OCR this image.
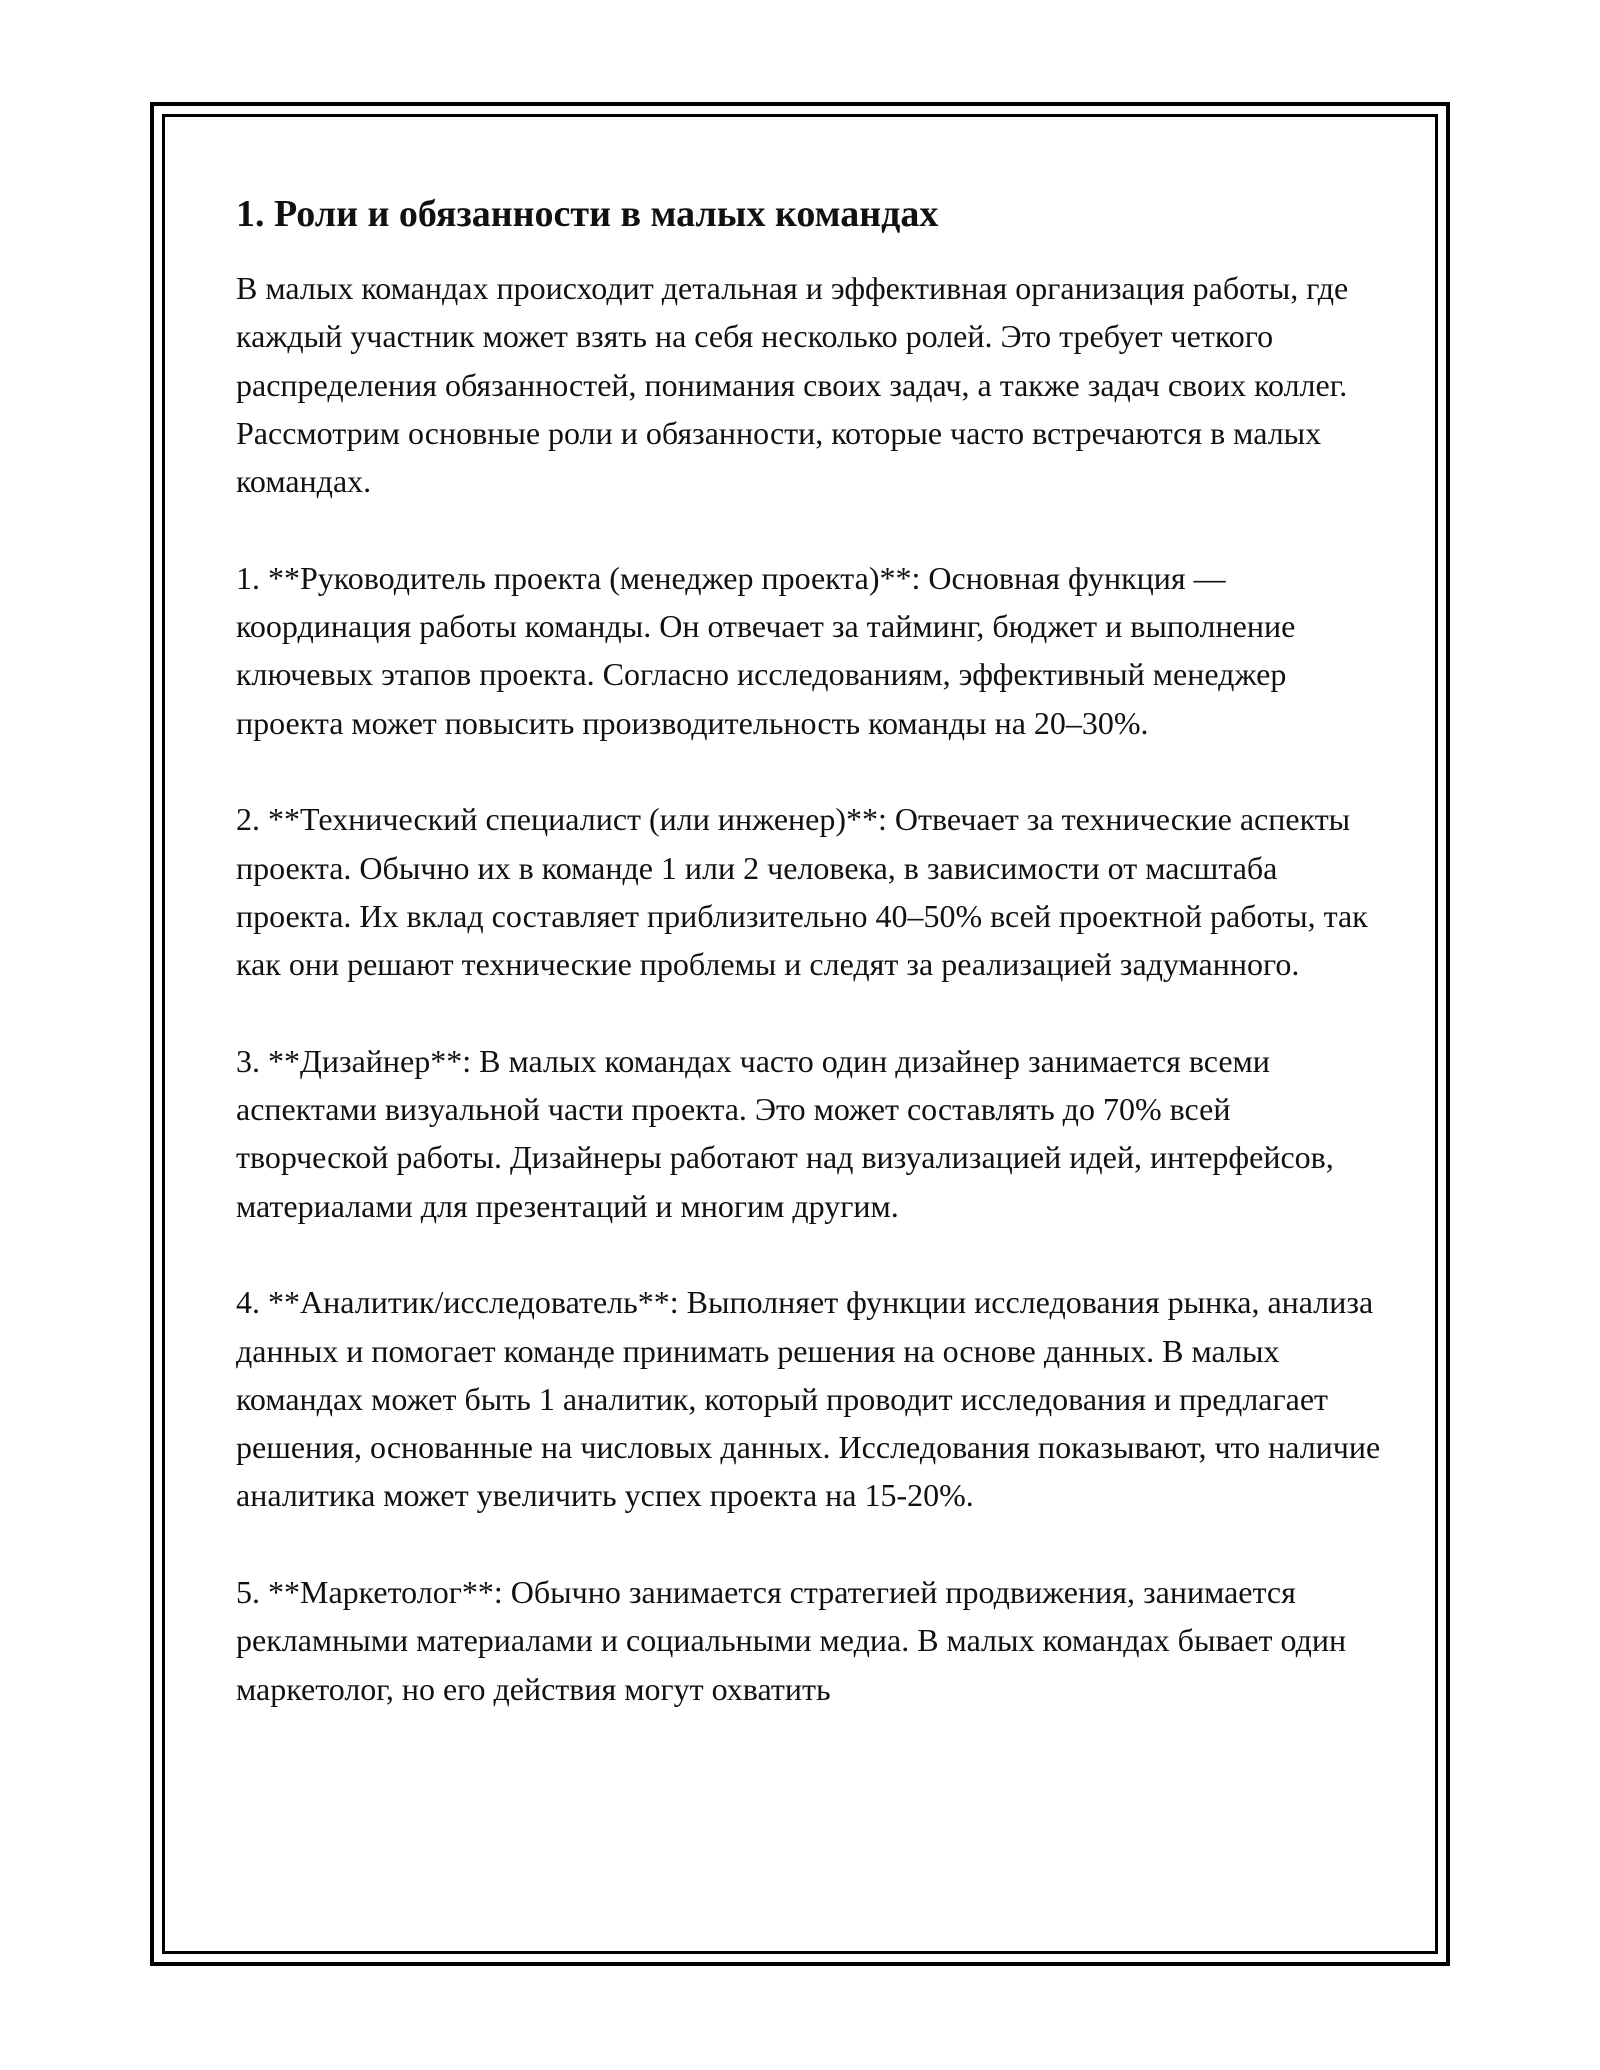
1. Роли и обязанности в малых командах

В малых командах происходит детальная и эффективная организация работы, где каждый участник может взять на себя несколько ролей. Это требует четкого распределения обязанностей, понимания своих задач, а также задач своих коллег. Рассмотрим основные роли и обязанности, которые часто встречаются в малых командах.

1. **Руководитель проекта (менеджер проекта)**: Основная функция — координация работы команды. Он отвечает за тайминг, бюджет и выполнение ключевых этапов проекта. Согласно исследованиям, эффективный менеджер проекта может повысить производительность команды на 20–30%.

2. **Технический специалист (или инженер)**: Отвечает за технические аспекты проекта. Обычно их в команде 1 или 2 человека, в зависимости от масштаба проекта. Их вклад составляет приблизительно 40–50% всей проектной работы, так как они решают технические проблемы и следят за реализацией задуманного.

3. **Дизайнер**: В малых командах часто один дизайнер занимается всеми аспектами визуальной части проекта. Это может составлять до 70% всей творческой работы. Дизайнеры работают над визуализацией идей, интерфейсов, материалами для презентаций и многим другим.

4. **Аналитик/исследователь**: Выполняет функции исследования рынка, анализа данных и помогает команде принимать решения на основе данных. В малых командах может быть 1 аналитик, который проводит исследования и предлагает решения, основанные на числовых данных. Исследования показывают, что наличие аналитика может увеличить успех проекта на 15-20%.

5. **Маркетолог**: Обычно занимается стратегией продвижения, занимается рекламными материалами и социальными медиа. В малых командах бывает один маркетолог, но его действия могут охватить
